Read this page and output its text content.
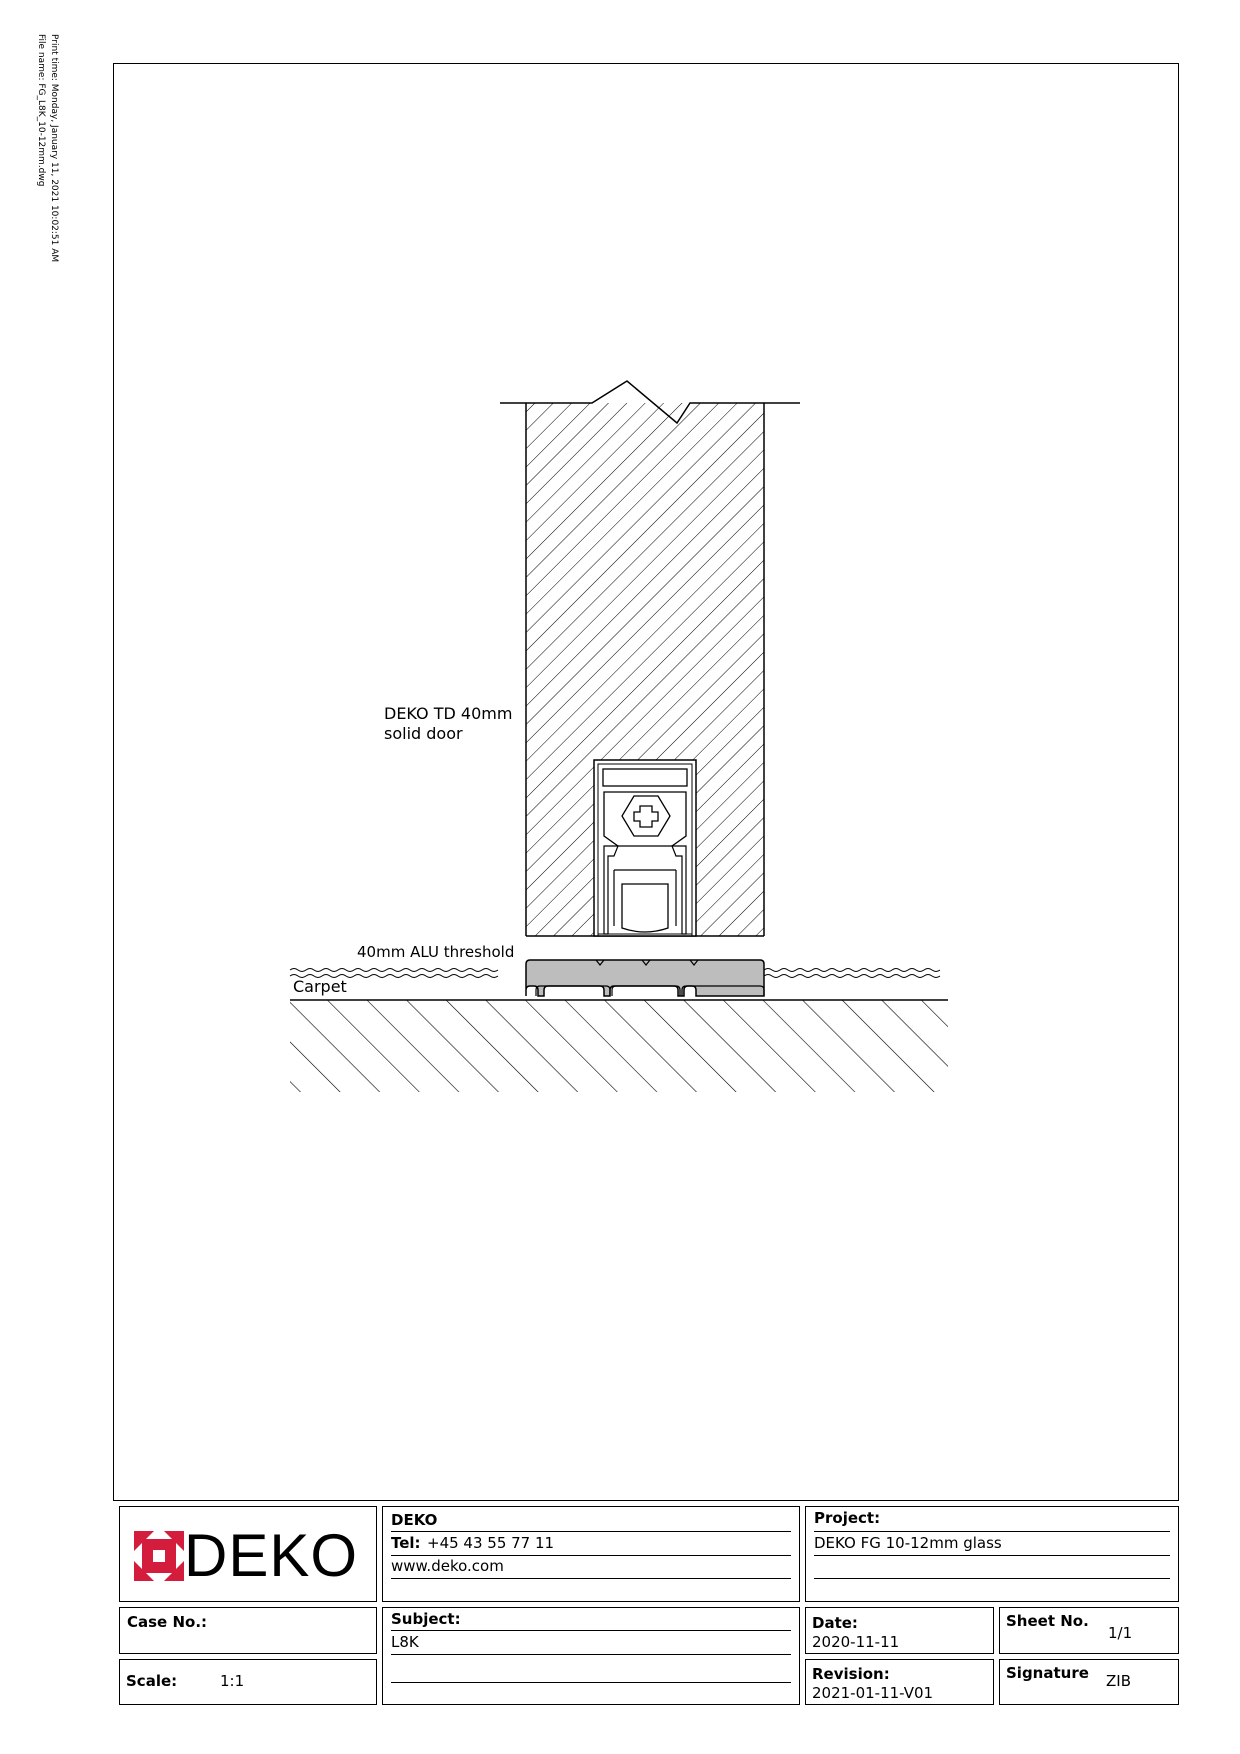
Print time: Monday, January 11, 2021 10:02:51 AM
File name: FG_L8K_10-12mm.dwg
DEKO TD 40mm
solid door
40mm ALU threshold
Carpet
DEKO
DEKO
Tel: +45 43 55 77 11
www.deko.com
Project:
DEKO FG 10-12mm glass
Case No.:	Subject:
L8K
Date:
2020-11-11
Sheet No.
1/1
Scale:	1:1	Revision:
2021-01-11-V01
Signature ZIB
